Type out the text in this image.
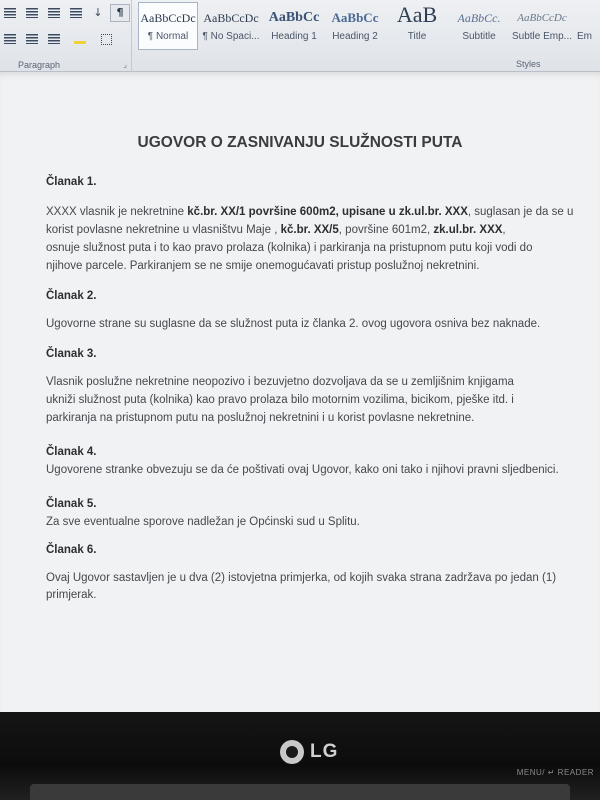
↓	¶
Paragraph	⌟
AaBbCcDc
¶ Normal
AaBbCcDc
¶ No Spaci...
AaBbCc
Heading 1
AaBbCc
Heading 2
AaB
Title
AaBbCc.
Subtitle
AaBbCcDc
Subtle Emp... Em
Styles
UGOVOR O ZASNIVANJU SLUŽNOSTI PUTA
Članak 1.
XXXX vlasnik je nekretnine kč.br. XX/1 površine 600m2, upisane u zk.ul.br. XXX, suglasan je da se u
korist povlasne nekretnine u vlasništvu Maje , kč.br. XX/5, površine 601m2, zk.ul.br. XXX,
osnuje služnost puta i to kao pravo prolaza (kolnika) i parkiranja na pristupnom putu koji vodi do
njihove parcele. Parkiranjem se ne smije onemogućavati pristup poslužnoj nekretnini.
Članak 2.
Ugovorne strane su suglasne da se služnost puta iz članka 2. ovog ugovora osniva bez naknade.
Članak 3.
Vlasnik poslužne nekretnine neopozivo i bezuvjetno dozvoljava da se u zemljišnim knjigama
ukniži služnost puta (kolnika) kao pravo prolaza bilo motornim vozilima, bicikom, pješke itd. i
parkiranja na pristupnom putu na poslužnoj nekretnini i u korist povlasne nekretnine.
Članak 4.
Ugovorene stranke obvezuju se da će poštivati ovaj Ugovor, kako oni tako i njihovi pravni sljedbenici.
Članak 5.
Za sve eventualne sporove nadležan je Općinski sud u Splitu.
Članak 6.
Ovaj Ugovor sastavljen je u dva (2) istovjetna primjerka, od kojih svaka strana zadržava po jedan (1)
primjerak.
LG
MENU/ ↵ READER
